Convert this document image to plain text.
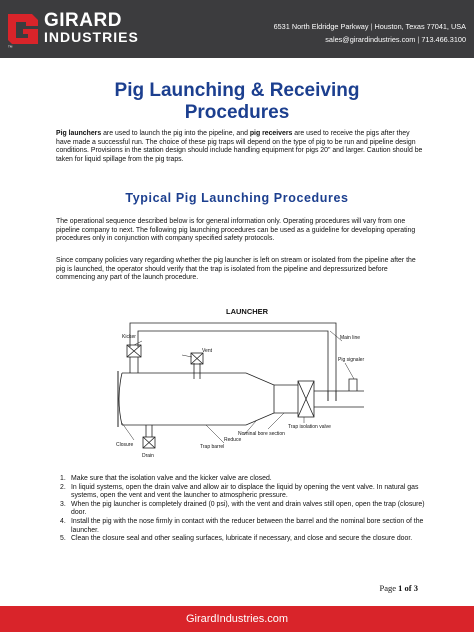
TM
GIRARD
INDUSTRIES
6531 North Eldridge Parkway | Houston, Texas 77041, USA
sales@girardindustries.com | 713.466.3100
Pig Launching & Receiving
Procedures
Pig launchers are used to launch the pig into the pipeline, and pig receivers are used to receive the pigs after they have made a successful run. The choice of these pig traps will depend on the type of pig to be run and pipeline design conditions. Provisions in the station design should include handling equipment for pigs 20" and larger. Caution should be taken for liquid spillage from the pig traps.
Typical Pig Launching Procedures
The operational sequence described below is for general information only. Operating procedures will vary from one pipeline company to next. The following pig launching procedures can be used as a guideline for developing operating procedures only in conjunction with company specified safety protocols.
Since company policies vary regarding whether the pig launcher is left on stream or isolated from the pipeline after the pig is launched, the operator should verify that the trap is isolated from the pipeline and depressurized before commencing any part of the launch procedure.
LAUNCHER
Main line
Kicker
Vent
Pig signaler
Closure
Trap isolation valve
Nominal bore section
Reduce
Trap barrel
Drain
1. Make sure that the isolation valve and the kicker valve are closed.
2. In liquid systems, open the drain valve and allow air to displace the liquid by opening the vent valve. In natural gas systems, open the vent and vent the launcher to atmospheric pressure.
3. When the pig launcher is completely drained (0 psi), with the vent and drain valves still open, open the trap (closure) door.
4. Install the pig with the nose firmly in contact with the reducer between the barrel and the nominal bore section of the launcher.
5. Clean the closure seal and other sealing surfaces, lubricate if necessary, and close and secure the closure door.
Page 1 of 3
GirardIndustries.com
